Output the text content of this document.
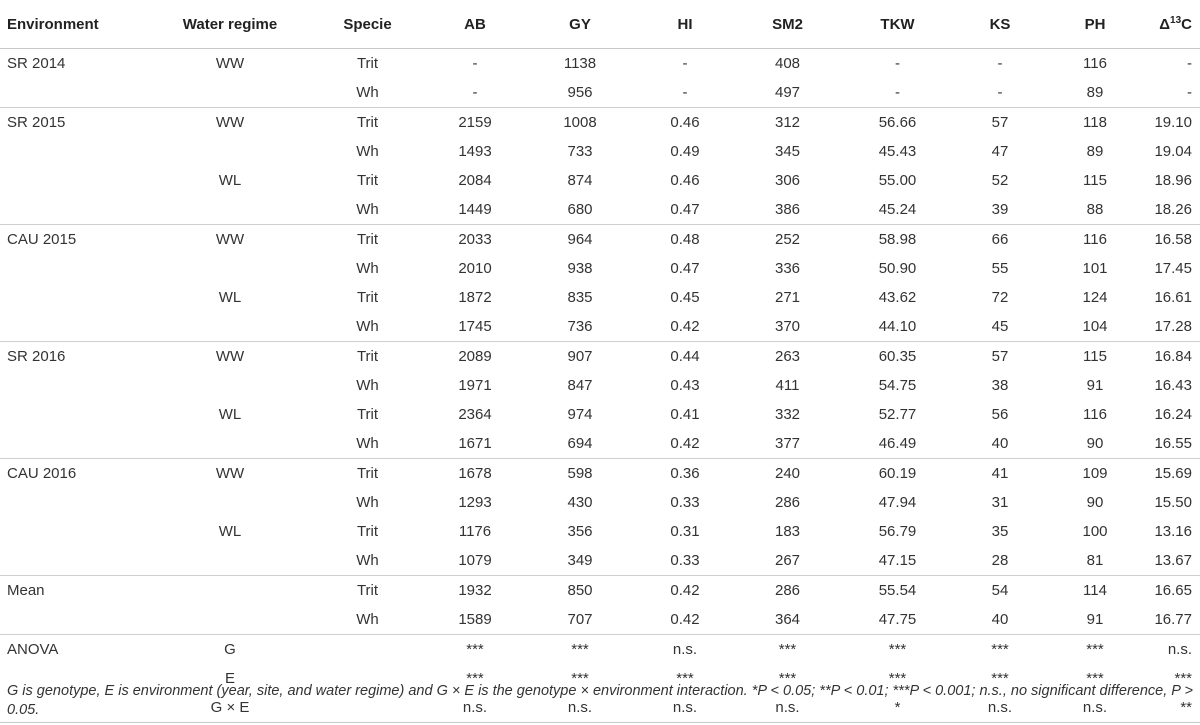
Environment	Water regime	Specie	AB	GY	HI	SM2	TKW	KS	PH	$\Delta^{13}C$
SR 2014	WW	Trit	-	1138	-	408	-	-	116	-
		Wh	-	956	-	497	-	-	89	-
SR 2015	WW	Trit	2159	1008	0.46	312	56.66	57	118	19.10
		Wh	1493	733	0.49	345	45.43	47	89	19.04
	WL	Trit	2084	874	0.46	306	55.00	52	115	18.96
		Wh	1449	680	0.47	386	45.24	39	88	18.26
CAU 2015	WW	Trit	2033	964	0.48	252	58.98	66	116	16.58
		Wh	2010	938	0.47	336	50.90	55	101	17.45
	WL	Trit	1872	835	0.45	271	43.62	72	124	16.61
		Wh	1745	736	0.42	370	44.10	45	104	17.28
SR 2016	WW	Trit	2089	907	0.44	263	60.35	57	115	16.84
		Wh	1971	847	0.43	411	54.75	38	91	16.43
	WL	Trit	2364	974	0.41	332	52.77	56	116	16.24
		Wh	1671	694	0.42	377	46.49	40	90	16.55
CAU 2016	WW	Trit	1678	598	0.36	240	60.19	41	109	15.69
		Wh	1293	430	0.33	286	47.94	31	90	15.50
	WL	Trit	1176	356	0.31	183	56.79	35	100	13.16
		Wh	1079	349	0.33	267	47.15	28	81	13.67
Mean		Trit	1932	850	0.42	286	55.54	54	114	16.65
		Wh	1589	707	0.42	364	47.75	40	91	16.77
ANOVA	G		***	***	n.s.	***	***	***	***	n.s.
	E		***	***	***	***	***	***	***	***
	G × E		n.s.	n.s.	n.s.	n.s.	*	n.s.	n.s.	**
G is genotype, E is environment (year, site, and water regime) and G × E is the genotype × environment interaction. *P < 0.05; **P < 0.01; ***P < 0.001; n.s., no significant difference, P > 0.05.
